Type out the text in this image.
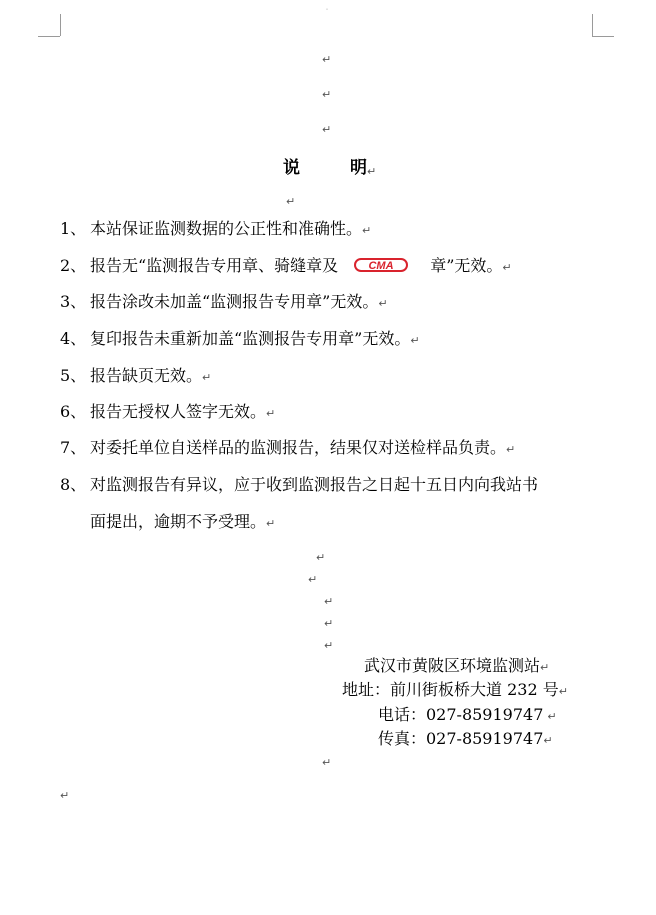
˙
↵
↵
↵
说	明↵
↵
1、 本站保证监测数据的公正性和准确性。↵
2、 报告无“监测报告专用章、骑缝章及	CMA 章”无效。↵
3、 报告涂改未加盖“监测报告专用章”无效。↵
4、 复印报告未重新加盖“监测报告专用章”无效。↵
5、 报告缺页无效。↵
6、 报告无授权人签字无效。↵
7、 对委托单位自送样品的监测报告，结果仅对送检样品负责。↵
8、 对监测报告有异议，应于收到监测报告之日起十五日内向我站书
面提出，逾期不予受理。↵
↵
↵
↵
↵
↵
武汉市黄陂区环境监测站↵
地址：前川街板桥大道 232 号↵
电话：027-85919747 ↵
传真：027-85919747↵
↵
↵
